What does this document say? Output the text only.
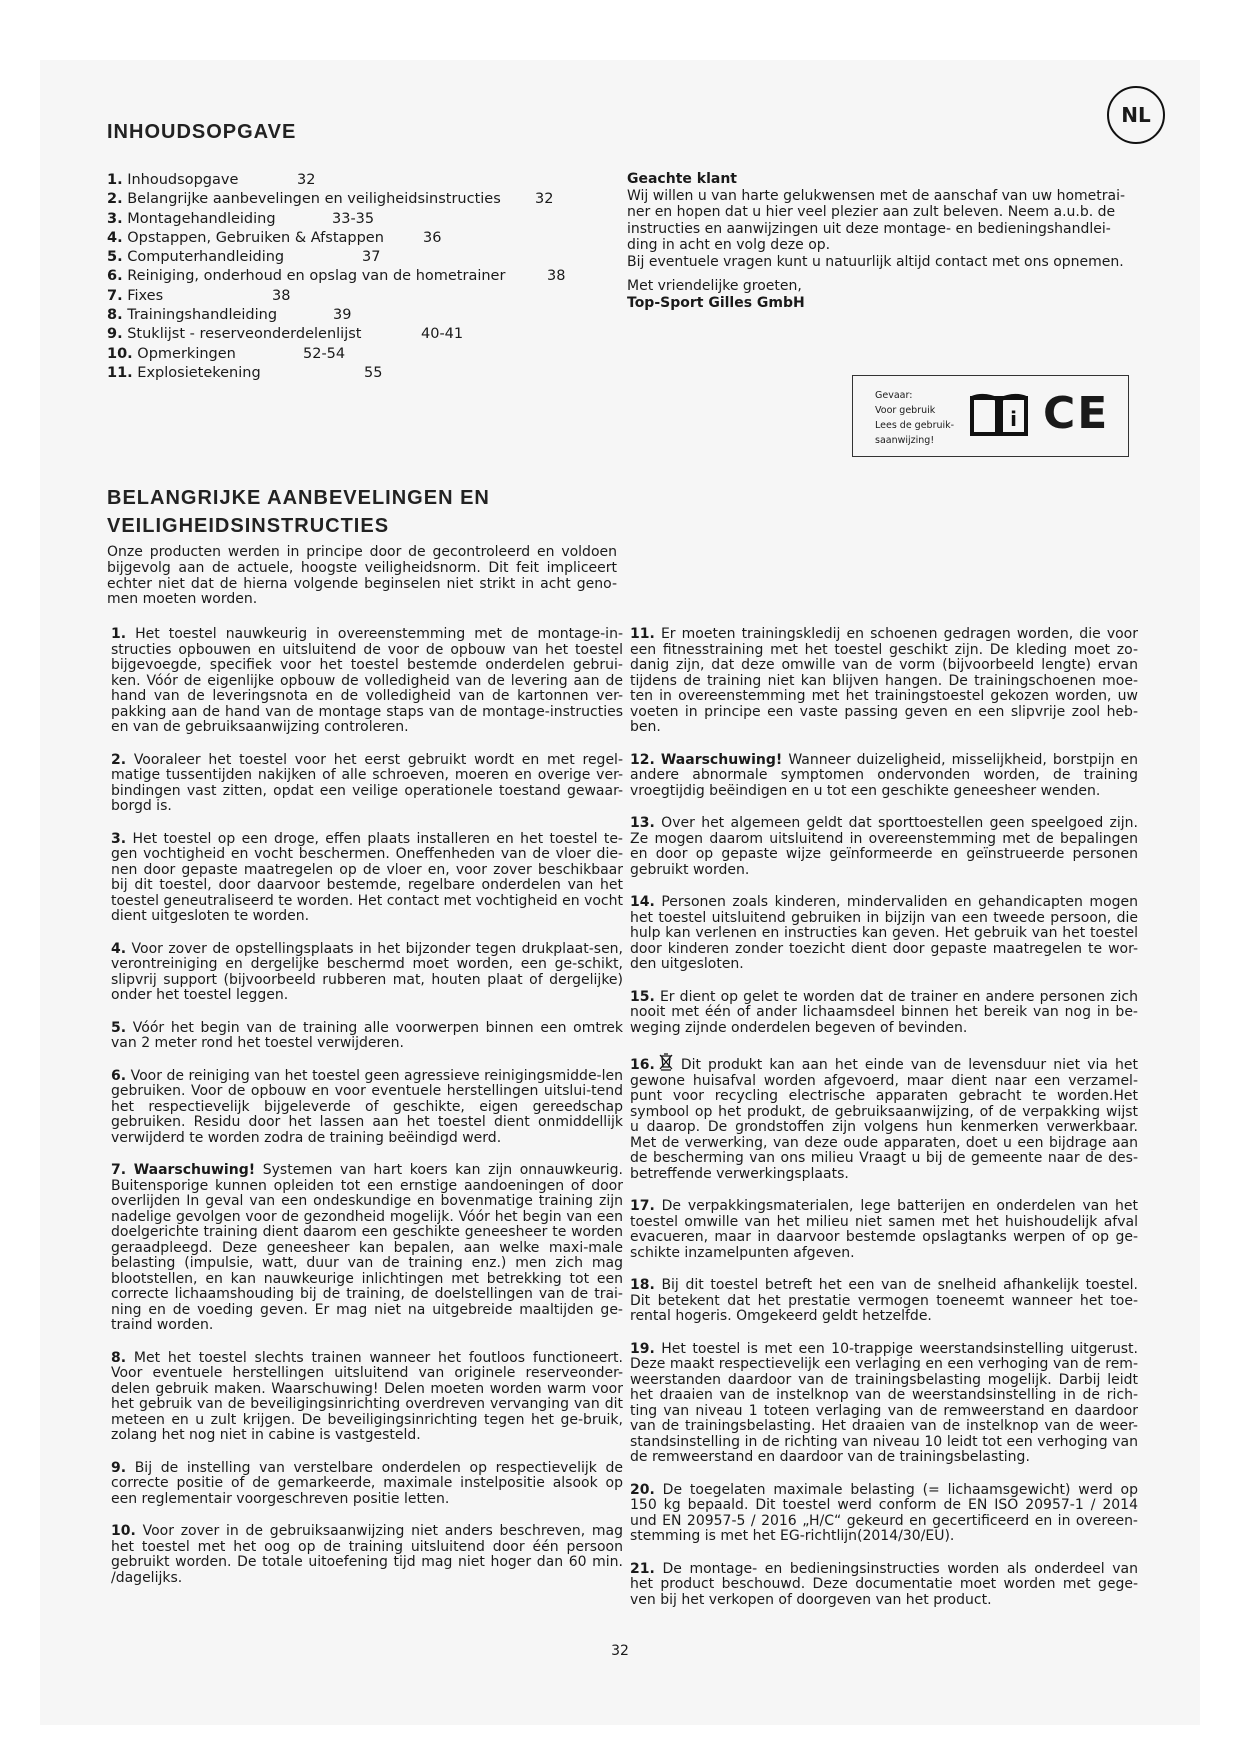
NL
INHOUDSOPGAVE
1. Inhoudsopgave	32
2. Belangrijke aanbevelingen en veiligheidsinstructies 32
3. Montagehandleiding	33-35
4. Opstappen, Gebruiken & Afstappen	36
5. Computerhandleiding	37
6. Reiniging, onderhoud en opslag van de hometrainer	38
7. Fixes	38
8. Trainingshandleiding	39
9. Stuklijst - reserveonderdelenlijst	40-41
10. Opmerkingen	52-54
11. Explosietekening	55

Geachte klant

Wij willen u van harte gelukwensen met de aanschaf van uw hometrai-

ner en hopen dat u hier veel plezier aan zult beleven. Neem a.u.b. de

instructies en aanwijzingen uit deze montage- en bedieningshandlei-

ding in acht en volg deze op.

Bij eventuele vragen kunt u natuurlijk altijd contact met ons opnemen.

Met vriendelijke groeten,

Top-Sport Gilles GmbH

Gevaar:
Voor gebruik
Lees de gebruik-
saanwijzing!
i CE
BELANGRIJKE AANBEVELINGEN EN
VEILIGHEIDSINSTRUCTIES
Onze producten werden in principe door de gecontroleerd en voldoen bijgevolg aan de actuele, hoogste veiligheidsnorm. Dit feit impliceert echter niet dat de hierna volgende beginselen niet strikt in acht geno-men moeten worden.

1. Het toestel nauwkeurig in overeenstemming met de montage-in-structies opbouwen en uitsluitend de voor de opbouw van het toestel bijgevoegde, specifiek voor het toestel bestemde onderdelen gebrui-ken. Vóór de eigenlijke opbouw de volledigheid van de levering aan de hand van de leveringsnota en de volledigheid van de kartonnen ver-pakking aan de hand van de montage staps van de montage-instructies en van de gebruiksaanwijzing controleren.

2. Vooraleer het toestel voor het eerst gebruikt wordt en met regel-matige tussentijden nakijken of alle schroeven, moeren en overige ver-bindingen vast zitten, opdat een veilige operationele toestand gewaar-borgd is.

3. Het toestel op een droge, effen plaats installeren en het toestel te-gen vochtigheid en vocht beschermen. Oneffenheden van de vloer die-nen door gepaste maatregelen op de vloer en, voor zover beschikbaar bij dit toestel, door daarvoor bestemde, regelbare onderdelen van het toestel geneutraliseerd te worden. Het contact met vochtigheid en vocht dient uitgesloten te worden.

4. Voor zover de opstellingsplaats in het bijzonder tegen drukplaat-sen, verontreiniging en dergelijke beschermd moet worden, een ge-schikt, slipvrij support (bijvoorbeeld rubberen mat, houten plaat of dergelijke) onder het toestel leggen.

5. Vóór het begin van de training alle voorwerpen binnen een omtrek van 2 meter rond het toestel verwijderen.

6. Voor de reiniging van het toestel geen agressieve reinigingsmidde-len gebruiken. Voor de opbouw en voor eventuele herstellingen uitslui-tend het respectievelijk bijgeleverde of geschikte, eigen gereedschap gebruiken. Residu door het lassen aan het toestel dient onmiddellijk verwijderd te worden zodra de training beëindigd werd.

7. Waarschuwing! Systemen van hart koers kan zijn onnauwkeurig. Buitensporige kunnen opleiden tot een ernstige aandoeningen of door overlijden In geval van een ondeskundige en bovenmatige training zijn nadelige gevolgen voor de gezondheid mogelijk. Vóór het begin van een doelgerichte training dient daarom een geschikte geneesheer te worden geraadpleegd. Deze geneesheer kan bepalen, aan welke maxi-male belasting (impulsie, watt, duur van de training enz.) men zich mag blootstellen, en kan nauwkeurige inlichtingen met betrekking tot een correcte lichaamshouding bij de training, de doelstellingen van de trai-ning en de voeding geven. Er mag niet na uitgebreide maaltijden ge-traind worden.

8. Met het toestel slechts trainen wanneer het foutloos functioneert. Voor eventuele herstellingen uitsluitend van originele reserveonder-delen gebruik maken. Waarschuwing! Delen moeten worden warm voor het gebruik van de beveiligingsinrichting overdreven vervanging van dit meteen en u zult krijgen. De beveiligingsinrichting tegen het ge-bruik, zolang het nog niet in cabine is vastgesteld.

9. Bij de instelling van verstelbare onderdelen op respectievelijk de correcte positie of de gemarkeerde, maximale instelpositie alsook op een reglementair voorgeschreven positie letten.

10. Voor zover in de gebruiksaanwijzing niet anders beschreven, mag het toestel met het oog op de training uitsluitend door één persoon gebruikt worden. De totale uitoefening tijd mag niet hoger dan 60 min. /dagelijks.

11. Er moeten trainingskledij en schoenen gedragen worden, die voor een fitnesstraining met het toestel geschikt zijn. De kleding moet zo-danig zijn, dat deze omwille van de vorm (bijvoorbeeld lengte) ervan tijdens de training niet kan blijven hangen. De trainingschoenen moe-ten in overeenstemming met het trainingstoestel gekozen worden, uw voeten in principe een vaste passing geven en een slipvrije zool heb-ben.

12. Waarschuwing! Wanneer duizeligheid, misselijkheid, borstpijn en andere abnormale symptomen ondervonden worden, de training vroegtijdig beëindigen en u tot een geschikte geneesheer wenden.

13. Over het algemeen geldt dat sporttoestellen geen speelgoed zijn. Ze mogen daarom uitsluitend in overeenstemming met de bepalingen en door op gepaste wijze geïnformeerde en geïnstrueerde personen gebruikt worden.

14. Personen zoals kinderen, mindervaliden en gehandicapten mogen het toestel uitsluitend gebruiken in bijzijn van een tweede persoon, die hulp kan verlenen en instructies kan geven. Het gebruik van het toestel door kinderen zonder toezicht dient door gepaste maatregelen te wor-den uitgesloten.

15. Er dient op gelet te worden dat de trainer en andere personen zich nooit met één of ander lichaamsdeel binnen het bereik van nog in be-weging zijnde onderdelen begeven of bevinden.

16. Dit produkt kan aan het einde van de levensduur niet via het gewone huisafval worden afgevoerd, maar dient naar een verzamel-punt voor recycling electrische apparaten gebracht te worden.Het symbool op het produkt, de gebruiksaanwijzing, of de verpakking wijst u daarop. De grondstoffen zijn volgens hun kenmerken verwerkbaar. Met de verwerking, van deze oude apparaten, doet u een bijdrage aan de bescherming van ons milieu Vraagt u bij de gemeente naar de des-betreffende verwerkingsplaats.

17. De verpakkingsmaterialen, lege batterijen en onderdelen van het toestel omwille van het milieu niet samen met het huishoudelijk afval evacueren, maar in daarvoor bestemde opslagtanks werpen of op ge-schikte inzamelpunten afgeven.

18. Bij dit toestel betreft het een van de snelheid afhankelijk toestel. Dit betekent dat het prestatie vermogen toeneemt wanneer het toe-rental hogeris. Omgekeerd geldt hetzelfde.

19. Het toestel is met een 10-trappige weerstandsinstelling uitgerust. Deze maakt respectievelijk een verlaging en een verhoging van de rem-weerstanden daardoor van de trainingsbelasting mogelijk. Darbij leidt het draaien van de instelknop van de weerstandsinstelling in de rich-ting van niveau 1 toteen verlaging van de remweerstand en daardoor van de trainingsbelasting. Het draaien van de instelknop van de weer-standsinstelling in de richting van niveau 10 leidt tot een verhoging van de remweerstand en daardoor van de trainingsbelasting.

20. De toegelaten maximale belasting (= lichaamsgewicht) werd op 150 kg bepaald. Dit toestel werd conform de EN ISO 20957-1 / 2014 und EN 20957-5 / 2016 „H/C“ gekeurd en gecertificeerd en in overeen-stemming is met het EG-richtlijn(2014/30/EU).

21. De montage- en bedieningsinstructies worden als onderdeel van het product beschouwd. Deze documentatie moet worden met gege-ven bij het verkopen of doorgeven van het product.

32
